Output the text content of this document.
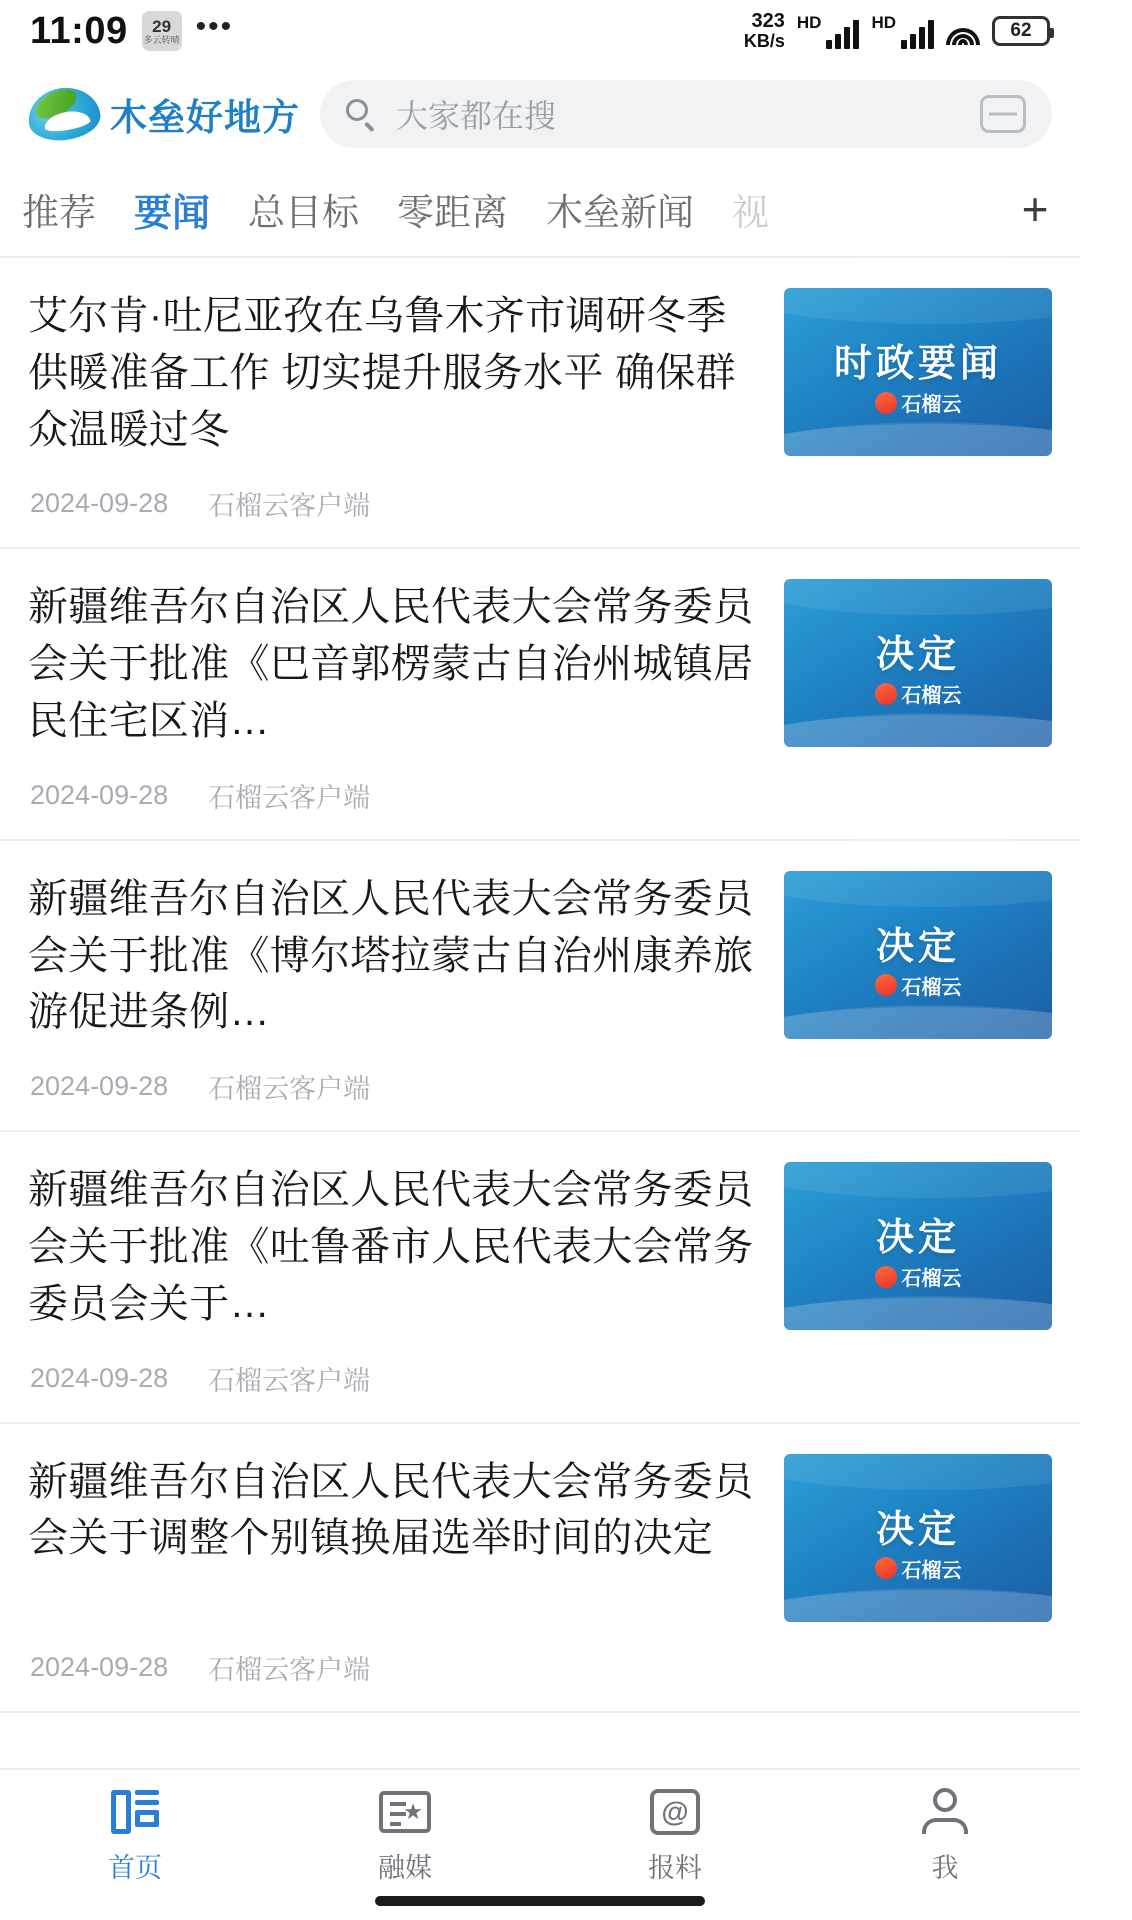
11:09 29
多云转晴 •••	323
KB/s
HD	HD	62
木垒好地方	大家都在搜
推荐 要闻 总目标 零距离 木垒新闻 视	+
艾尔肯·吐尼亚孜在乌鲁木齐市调研冬季供暖准备工作 切实提升服务水平 确保群众温暖过冬
时政要闻
石榴云
2024-09-28 石榴云客户端
新疆维吾尔自治区人民代表大会常务委员会关于批准《巴音郭楞蒙古自治州城镇居民住宅区消…
决定
石榴云
2024-09-28 石榴云客户端
新疆维吾尔自治区人民代表大会常务委员会关于批准《博尔塔拉蒙古自治州康养旅游促进条例…
决定
石榴云
2024-09-28 石榴云客户端
新疆维吾尔自治区人民代表大会常务委员会关于批准《吐鲁番市人民代表大会常务委员会关于…
决定
石榴云
2024-09-28 石榴云客户端
新疆维吾尔自治区人民代表大会常务委员会关于调整个别镇换届选举时间的决定	决定
石榴云
2024-09-28 石榴云客户端
首页
★
融媒
@
报料	我
